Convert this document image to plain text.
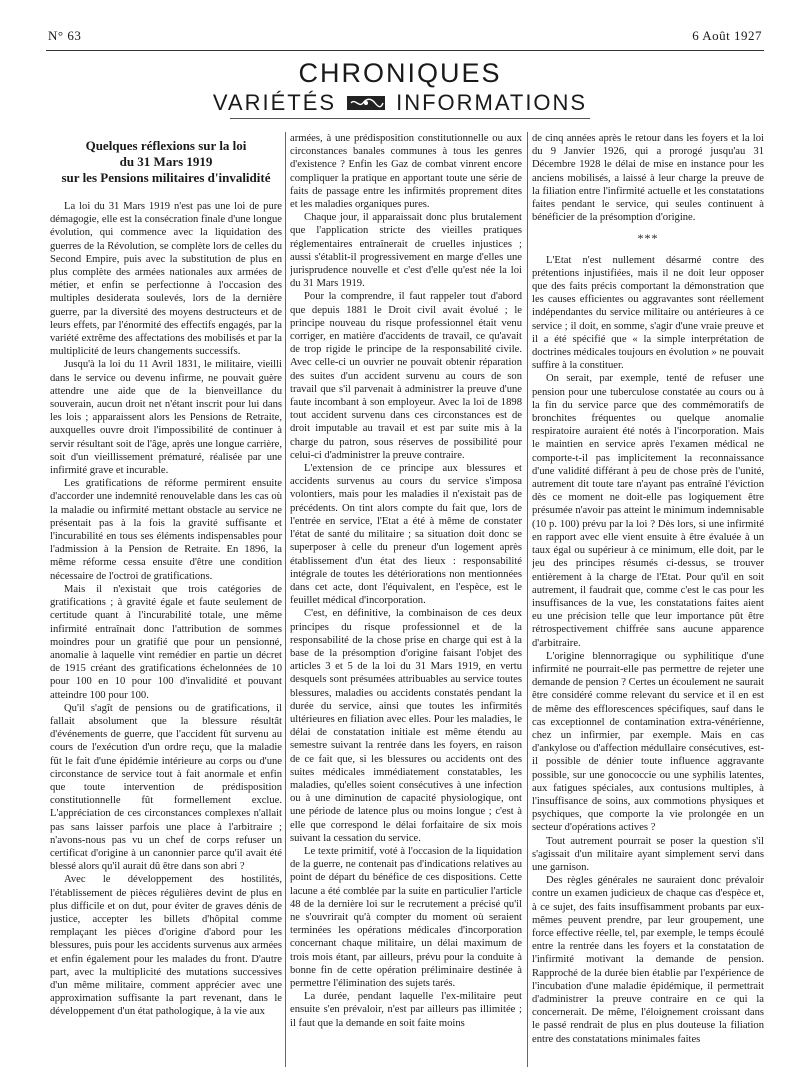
N° 63	6 Août 1927
CHRONIQUES
VARIÉTÉS	INFORMATIONS
Quelques réflexions sur la loi
du 31 Mars 1919
sur les Pensions militaires d'invalidité

La loi du 31 Mars 1919 n'est pas une loi de pure démagogie, elle est la consécration finale d'une longue évolution, qui commence avec la liquidation des guerres de la Révolution, se complète lors de celles du Second Empire, puis avec la substitution de plus en plus complète des armées nationales aux armées de métier, et enfin se perfectionne à l'occasion des multiples desiderata soulevés, lors de la dernière guerre, par la diversité des moyens destructeurs et de leurs effets, par l'énormité des effectifs engagés, par la variété extrême des affectations des mobilisés et par la multiplicité de leurs changements successifs.

Jusqu'à la loi du 11 Avril 1831, le militaire, vieilli dans le service ou devenu infirme, ne pouvait guère attendre une aide que de la bienveillance du souverain, aucun droit net n'étant inscrit pour lui dans les lois ; apparaissent alors les Pensions de Retraite, auxquelles ouvre droit l'impossibilité de continuer à servir résultant soit de l'âge, après une longue carrière, soit d'un vieillissement prématuré, réalisée par une infirmité grave et incurable.

Les gratifications de réforme permirent ensuite d'accorder une indemnité renouvelable dans les cas où la maladie ou infirmité mettant obstacle au service ne présentait pas à la fois la gravité suffisante et l'incurabilité en tous ses éléments indispensables pour l'admission à la Pension de Retraite. En 1896, la même réforme cessa ensuite d'être une condition nécessaire de l'octroi de gratifications.

Mais il n'existait que trois catégories de gratifications ; à gravité égale et faute seulement de certitude quant à l'incurabilité totale, une même infirmité entraînait donc l'attribution de sommes moindres pour un gratifié que pour un pensionné, anomalie à laquelle vint remédier en partie un décret de 1915 créant des gratifications échelonnées de 10 pour 100 en 10 pour 100 d'invalidité et pouvant atteindre 100 pour 100.

Qu'il s'agît de pensions ou de gratifications, il fallait absolument que la blessure résultât d'événements de guerre, que l'accident fût survenu au cours de l'exécution d'un ordre reçu, que la maladie fût le fait d'une épidémie intérieure au corps ou d'une circonstance de service tout à fait anormale et enfin que toute intervention de prédisposition constitutionnelle fût formellement exclue. L'appréciation de ces circonstances complexes n'allait pas sans laisser parfois une place à l'arbitraire ; n'avons-nous pas vu un chef de corps refuser un certificat d'origine à un canonnier parce qu'il avait été blessé alors qu'il aurait dû être dans son abri ?

Avec le développement des hostilités, l'établissement de pièces régulières devint de plus en plus difficile et on dut, pour éviter de graves dénis de justice, accepter les billets d'hôpital comme remplaçant les pièces d'origine d'abord pour les blessures, puis pour les accidents survenus aux armées et enfin également pour les malades du front. D'autre part, avec la multiplicité des mutations successives d'un même militaire, comment apprécier avec une approximation suffisante la part revenant, dans le développement d'un état pathologique, à la vie aux

armées, à une prédisposition constitutionnelle ou aux circonstances banales communes à tous les genres d'existence ? Enfin les Gaz de combat vinrent encore compliquer la pratique en apportant toute une série de faits de passage entre les infirmités proprement dites et les maladies organiques pures.

Chaque jour, il apparaissait donc plus brutalement que l'application stricte des vieilles pratiques réglementaires entraînerait de cruelles injustices ; aussi s'établit-il progressivement en marge d'elles une jurisprudence nouvelle et c'est d'elle qu'est née la loi du 31 Mars 1919.

Pour la comprendre, il faut rappeler tout d'abord que depuis 1881 le Droit civil avait évolué ; le principe nouveau du risque professionnel était venu corriger, en matière d'accidents de travail, ce qu'avait de trop rigide le principe de la responsabilité civile. Avec celle-ci un ouvrier ne pouvait obtenir réparation des suites d'un accident survenu au cours de son travail que s'il parvenait à administrer la preuve d'une faute incombant à son employeur. Avec la loi de 1898 tout accident survenu dans ces circonstances est de droit imputable au travail et est par suite mis à la charge du patron, sous réserves de possibilité pour celui-ci d'administrer la preuve contraire.

L'extension de ce principe aux blessures et accidents survenus au cours du service s'imposa volontiers, mais pour les maladies il n'existait pas de précédents. On tint alors compte du fait que, lors de l'entrée en service, l'Etat a été à même de constater l'état de santé du militaire ; sa situation doit donc se superposer à celle du preneur d'un logement après établissement d'un état des lieux : responsabilité intégrale de toutes les détériorations non mentionnées dans cet acte, dont l'équivalent, en l'espèce, est le feuillet médical d'incorporation.

C'est, en définitive, la combinaison de ces deux principes du risque professionnel et de la responsabilité de la chose prise en charge qui est à la base de la présomption d'origine faisant l'objet des articles 3 et 5 de la loi du 31 Mars 1919, en vertu desquels sont présumées attribuables au service toutes blessures, maladies ou accidents constatés pendant la durée du service, ainsi que toutes les infirmités ultérieures en filiation avec elles. Pour les maladies, le délai de constatation initiale est même étendu au semestre suivant la rentrée dans les foyers, en raison de ce fait que, si les blessures ou accidents ont des suites médicales immédiatement constatables, les maladies, qu'elles soient consécutives à une infection ou à une diminution de capacité physiologique, ont une période de latence plus ou moins longue ; c'est à elle que correspond le délai forfaitaire de six mois suivant la cessation du service.

Le texte primitif, voté à l'occasion de la liquidation de la guerre, ne contenait pas d'indications relatives au point de départ du bénéfice de ces dispositions. Cette lacune a été comblée par la suite en particulier l'article 48 de la dernière loi sur le recrutement a précisé qu'il ne s'ouvrirait qu'à compter du moment où seraient terminées les opérations médicales d'incorporation concernant chaque militaire, un délai maximum de trois mois étant, par ailleurs, prévu pour la conduite à bonne fin de cette opération préliminaire destinée à permettre l'élimination des sujets tarés.

La durée, pendant laquelle l'ex-militaire peut ensuite s'en prévaloir, n'est par ailleurs pas illimitée ; il faut que la demande en soit faite moins

de cinq années après le retour dans les foyers et la loi du 9 Janvier 1926, qui a prorogé jusqu'au 31 Décembre 1928 le délai de mise en instance pour les anciens mobilisés, a laissé à leur charge la preuve de la filiation entre l'infirmité actuelle et les constatations faites pendant le service, qui seules continuent à bénéficier de la présomption d'origine.

***

L'Etat n'est nullement désarmé contre des prétentions injustifiées, mais il ne doit leur opposer que des faits précis comportant la démonstration que les causes efficientes ou aggravantes sont réellement indépendantes du service militaire ou antérieures à ce service ; il doit, en somme, s'agir d'une vraie preuve et il a été spécifié que « la simple interprétation de doctrines médicales toujours en évolution » ne pouvait suffire à la constituer.

On serait, par exemple, tenté de refuser une pension pour une tuberculose constatée au cours ou à la fin du service parce que des commémoratifs de bronchites fréquentes ou quelque anomalie respiratoire auraient été notés à l'incorporation. Mais le maintien en service après l'examen médical ne comporte-t-il pas implicitement la reconnaissance d'une validité différant à peu de chose près de l'unité, autrement dit toute tare n'ayant pas entraîné l'éviction dès ce moment ne doit-elle pas logiquement être présumée n'avoir pas atteint le minimum indemnisable (10 p. 100) prévu par la loi ? Dès lors, si une infirmité en rapport avec elle vient ensuite à être évaluée à un taux égal ou supérieur à ce minimum, elle doit, par le jeu des principes résumés ci-dessus, se trouver entièrement à la charge de l'Etat. Pour qu'il en soit autrement, il faudrait que, comme c'est le cas pour les insuffisances de la vue, les constatations faites aient eu une précision telle que leur importance pût être rétrospectivement chiffrée sans aucune apparence d'arbitraire.

L'origine blennorragique ou syphilitique d'une infirmité ne pourrait-elle pas permettre de rejeter une demande de pension ? Certes un écoulement ne saurait être considéré comme relevant du service et il en est de même des efflorescences spécifiques, sauf dans le cas exceptionnel de contamination extra-vénérienne, chez un infirmier, par exemple. Mais en cas d'ankylose ou d'affection médullaire consécutives, est-il possible de dénier toute influence aggravante possible, sur une gonococcie ou une syphilis latentes, aux fatigues spéciales, aux contusions multiples, à l'insuffisance de soins, aux commotions physiques et psychiques, que comporte la vie prolongée en un secteur d'opérations actives ?

Tout autrement pourrait se poser la question s'il s'agissait d'un militaire ayant simplement servi dans une garnison.

Des règles générales ne sauraient donc prévaloir contre un examen judicieux de chaque cas d'espèce et, à ce sujet, des faits insuffisamment probants par eux-mêmes peuvent prendre, par leur groupement, une force effective réelle, tel, par exemple, le temps écoulé entre la rentrée dans les foyers et la constatation de l'infirmité motivant la demande de pension. Rapproché de la durée bien établie par l'expérience de l'incubation d'une maladie épidémique, il permettrait d'administrer la preuve contraire en ce qui la concernerait. De même, l'éloignement croissant dans le passé rendrait de plus en plus douteuse la filiation entre des constatations minimales faites
